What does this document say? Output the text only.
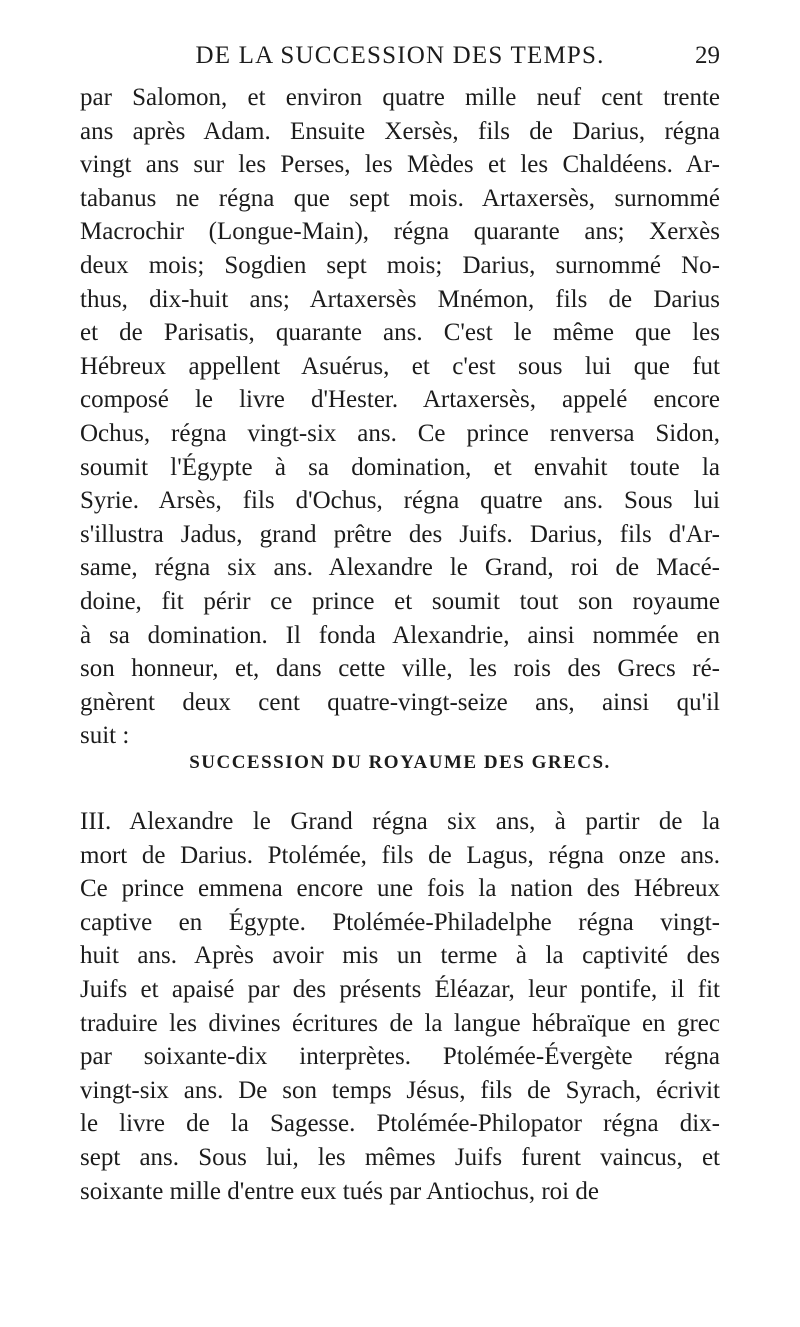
DE LA SUCCESSION DES TEMPS.	29
par Salomon, et environ quatre mille neuf cent trente
ans après Adam. Ensuite Xersès, fils de Darius, régna
vingt ans sur les Perses, les Mèdes et les Chaldéens. Ar-
tabanus ne régna que sept mois. Artaxersès, surnommé
Macrochir (Longue-Main), régna quarante ans; Xerxès
deux mois; Sogdien sept mois; Darius, surnommé No-
thus, dix-huit ans; Artaxersès Mnémon, fils de Darius
et de Parisatis, quarante ans. C'est le même que les
Hébreux appellent Asuérus, et c'est sous lui que fut
composé le livre d'Hester. Artaxersès, appelé encore
Ochus, régna vingt-six ans. Ce prince renversa Sidon,
soumit l'Égypte à sa domination, et envahit toute la
Syrie. Arsès, fils d'Ochus, régna quatre ans. Sous lui
s'illustra Jadus, grand prêtre des Juifs. Darius, fils d'Ar-
same, régna six ans. Alexandre le Grand, roi de Macé-
doine, fit périr ce prince et soumit tout son royaume
à sa domination. Il fonda Alexandrie, ainsi nommée en
son honneur, et, dans cette ville, les rois des Grecs ré-
gnèrent deux cent quatre-vingt-seize ans, ainsi qu'il
suit :
SUCCESSION DU ROYAUME DES GRECS.
III. Alexandre le Grand régna six ans, à partir de la
mort de Darius. Ptolémée, fils de Lagus, régna onze ans.
Ce prince emmena encore une fois la nation des Hébreux
captive en Égypte. Ptolémée-Philadelphe régna vingt-
huit ans. Après avoir mis un terme à la captivité des
Juifs et apaisé par des présents Éléazar, leur pontife, il fit
traduire les divines écritures de la langue hébraïque en grec
par soixante-dix interprètes. Ptolémée-Évergète régna
vingt-six ans. De son temps Jésus, fils de Syrach, écrivit
le livre de la Sagesse. Ptolémée-Philopator régna dix-
sept ans. Sous lui, les mêmes Juifs furent vaincus, et
soixante mille d'entre eux tués par Antiochus, roi de
